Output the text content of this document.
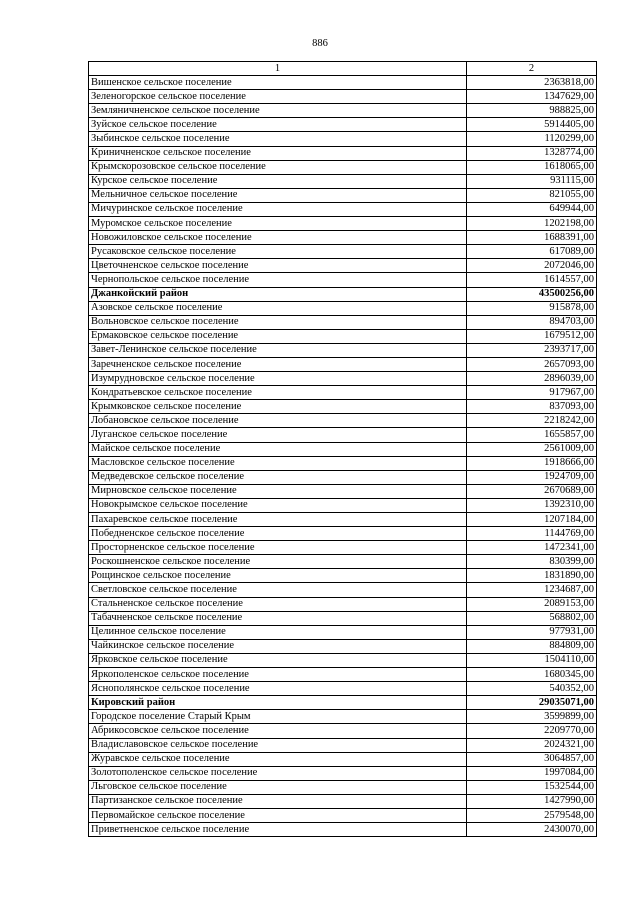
886
1	2
Вишенское сельское поселение	2363818,00
Зеленогорское сельское поселение	1347629,00
Земляничненское сельское поселение	988825,00
Зуйское сельское поселение	5914405,00
Зыбинское сельское поселение	1120299,00
Криничненское сельское поселение	1328774,00
Крымскорозовское сельское поселение	1618065,00
Курское сельское поселение	931115,00
Мельничное сельское поселение	821055,00
Мичуринское сельское поселение	649944,00
Муромское сельское поселение	1202198,00
Новожиловское сельское поселение	1688391,00
Русаковское сельское поселение	617089,00
Цветочненское сельское поселение	2072046,00
Чернопольское сельское поселение	1614557,00
Джанкойский район	43500256,00
Азовское сельское поселение	915878,00
Вольновское сельское поселение	894703,00
Ермаковское сельское поселение	1679512,00
Завет-Ленинское сельское поселение	2393717,00
Заречненское сельское поселение	2657093,00
Изумрудновское сельское поселение	2896039,00
Кондратьевское сельское поселение	917967,00
Крымковское сельское поселение	837093,00
Лобановское сельское поселение	2218242,00
Луганское сельское поселение	1655857,00
Майское сельское поселение	2561009,00
Масловское сельское поселение	1918666,00
Медведевское сельское поселение	1924709,00
Мирновское сельское поселение	2670689,00
Новокрымское сельское поселение	1392310,00
Пахаревское сельское поселение	1207184,00
Победненское сельское поселение	1144769,00
Просторненское сельское поселение	1472341,00
Роскошненское сельское поселение	830399,00
Рощинское сельское поселение	1831890,00
Светловское сельское поселение	1234687,00
Стальненское сельское поселение	2089153,00
Табачненское сельское поселение	568802,00
Целинное сельское поселение	977931,00
Чайкинское сельское поселение	884809,00
Ярковское сельское поселение	1504110,00
Яркополенское сельское поселение	1680345,00
Яснополянское сельское поселение	540352,00
Кировский район	29035071,00
Городское поселение Старый Крым	3599899,00
Абрикосовское сельское поселение	2209770,00
Владиславовское сельское поселение	2024321,00
Журавское сельское поселение	3064857,00
Золотополенское сельское поселение	1997084,00
Льговское сельское поселение	1532544,00
Партизанское сельское поселение	1427990,00
Первомайское сельское поселение	2579548,00
Приветненское сельское поселение	2430070,00
